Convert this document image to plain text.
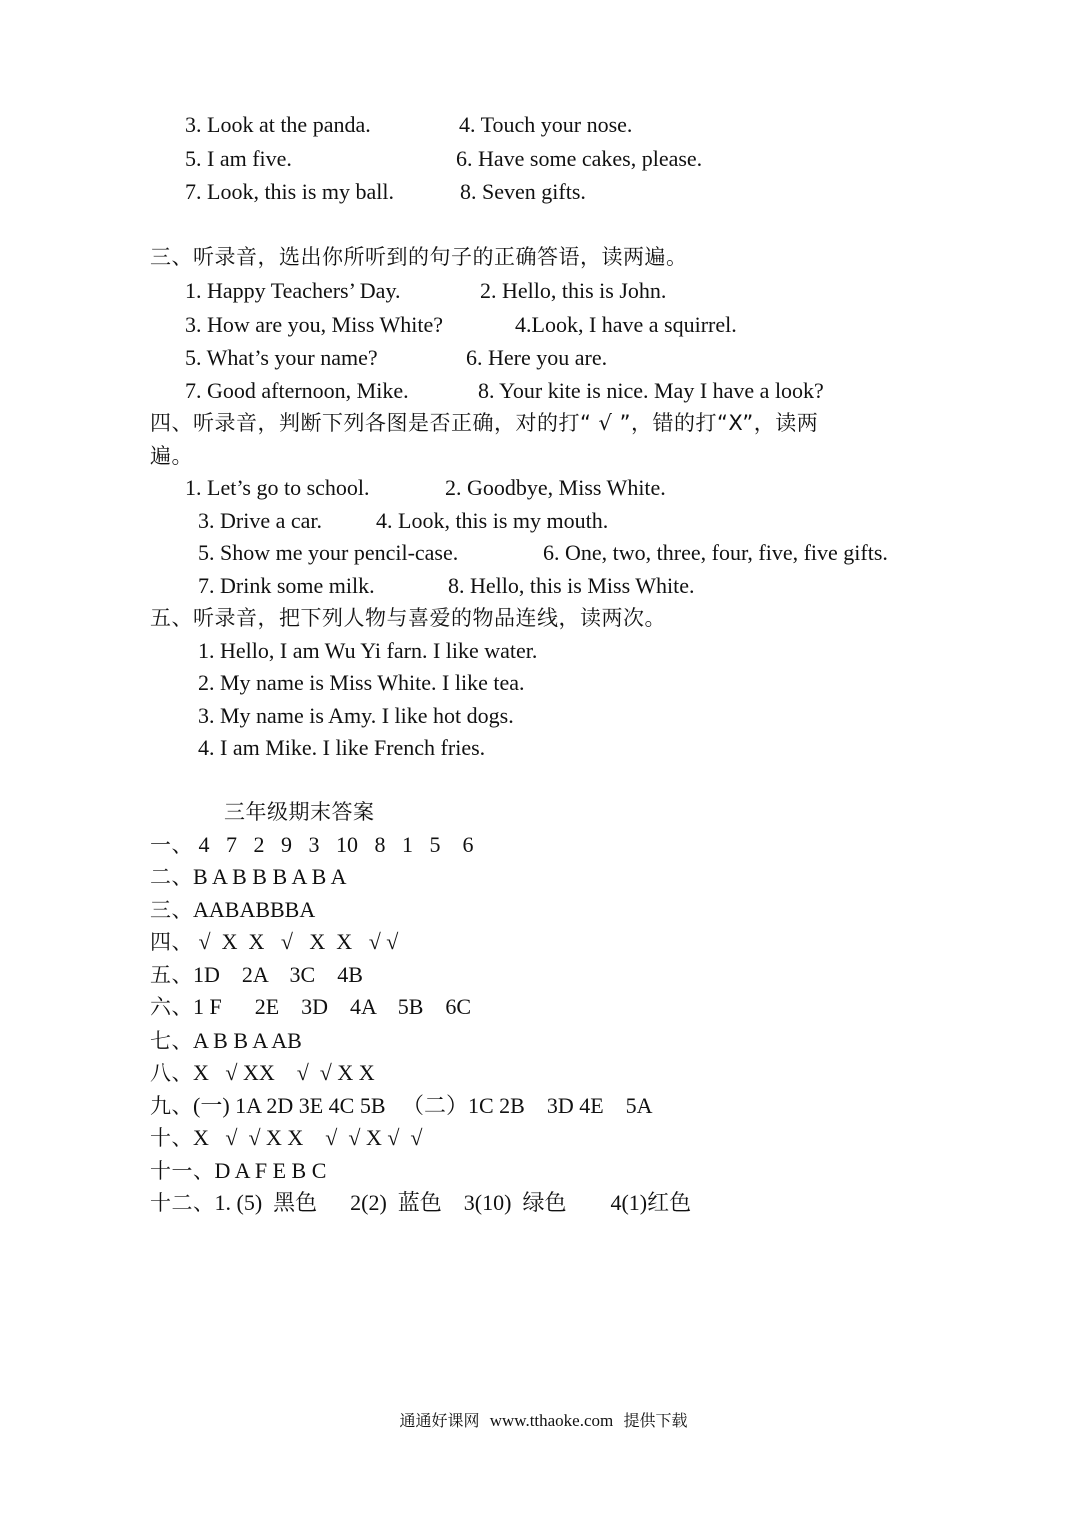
3. Look at the panda.	4. Touch your nose.
5. I am five.	6. Have some cakes, please.
7. Look, this is my ball.	8. Seven gifts.
三、听录音，选出你所听到的句子的正确答语，读两遍。
1. Happy Teachers’ Day.	2. Hello, this is John.
3. How are you, Miss White?	4.Look, I have a squirrel.
5. What’s your name?	6. Here you are.
7. Good afternoon, Mike.	8. Your kite is nice. May I have a look?
四、听录音，判断下列各图是否正确，对的打“ √ ”，错的打“X”，读两
遍。
1. Let’s go to school.	2. Goodbye, Miss White.
3. Drive a car. 4. Look, this is my mouth.
5. Show me your pencil-case.	6. One, two, three, four, five, five gifts.
7. Drink some milk.	8. Hello, this is Miss White.
五、听录音，把下列人物与喜爱的物品连线，读两次。
1. Hello, I am Wu Yi farn. I like water.
2. My name is Miss White. I like tea.
3. My name is Amy. I like hot dogs.
4. I am Mike. I like French fries.
三年级期末答案
一、 4   7   2   9   3   10   8   1   5    6
二、B A B B B A B A
三、AABABBBA
四、 √  X  X   √   X  X   √ √
五、1D    2A    3C    4B
六、1 F      2E    3D    4A    5B    6C
七、A B B A AB
八、X   √ XX    √  √ X X
九、(一) 1A 2D 3E 4C 5B   （二）1C 2B    3D 4E    5A
十、X   √  √ X X    √  √ X √  √
十一、D A F E B C
十二、1. (5)  黑色      2(2)  蓝色    3(10)  绿色        4(1)红色
通通好课网 www.tthaoke.com 提供下载
